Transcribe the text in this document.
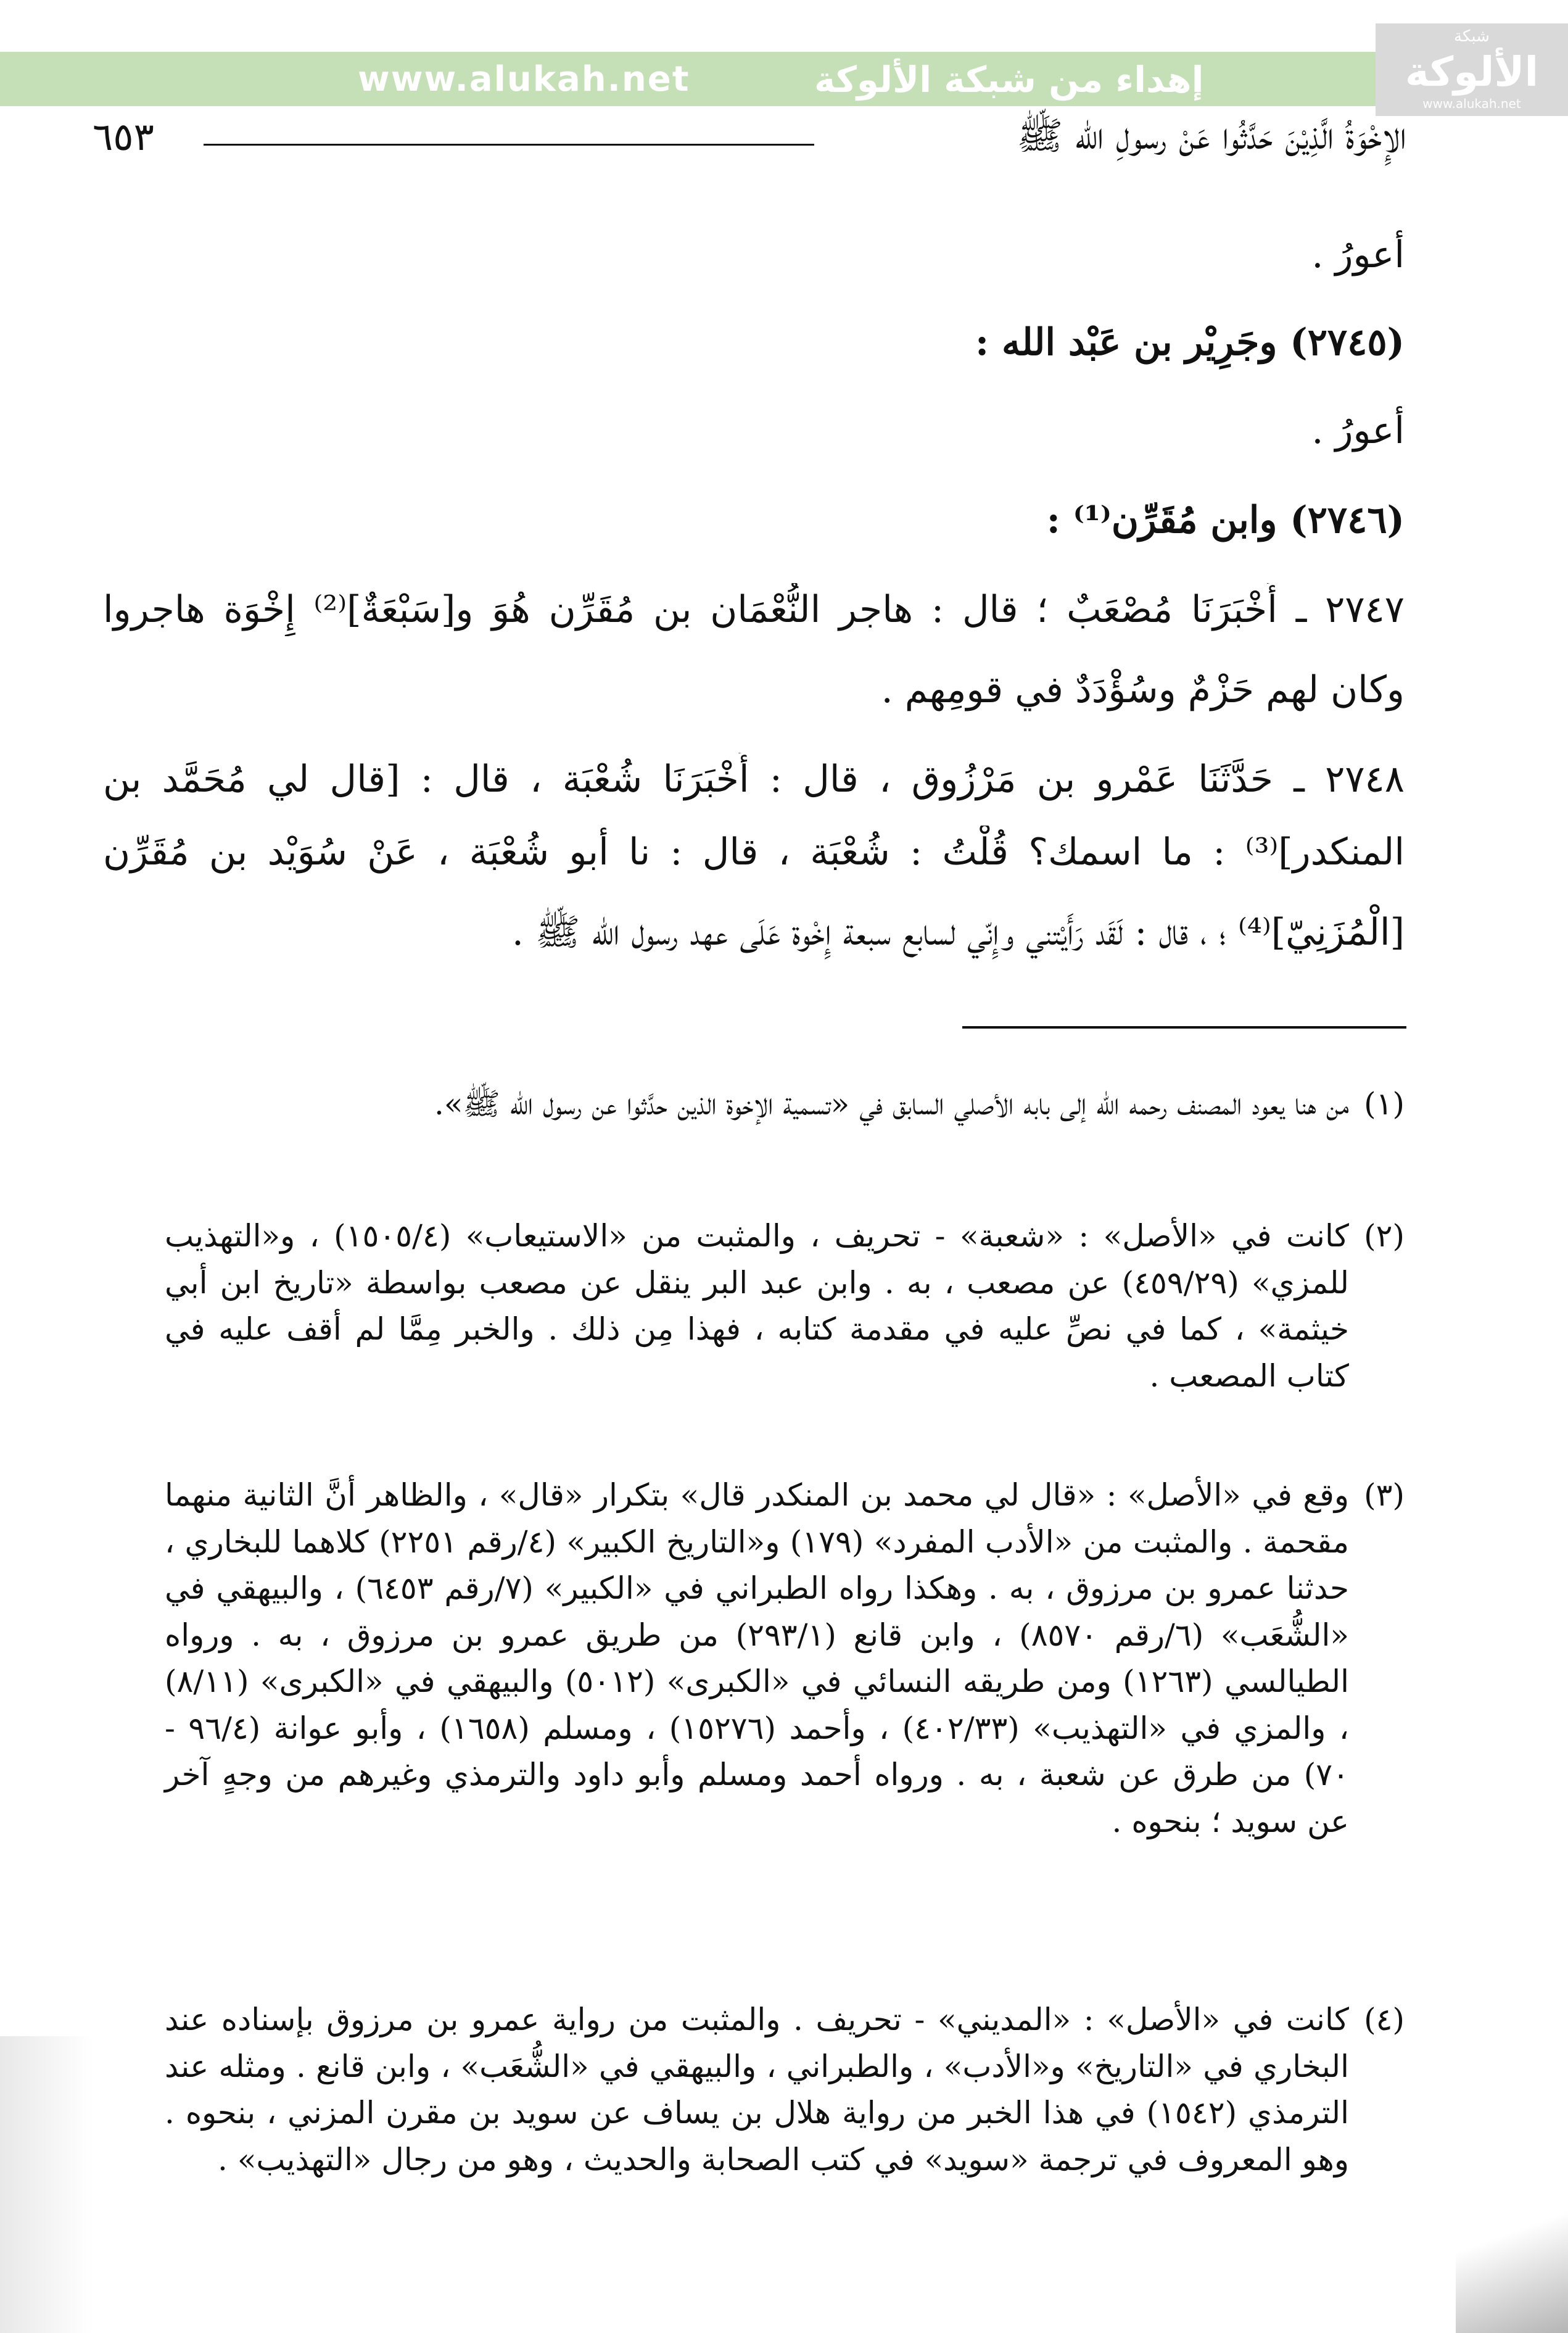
www.alukah.net	إهداء من شبكة الألوكة
شبكة
الألوكة
www.alukah.net
الإِخْوَةُ الَّذِيْنَ حَدَّثُوا عَنْ رسولِ الله ﷺ
٦٥٣
أعورُ .
(٢٧٤٥) وجَرِيْر بن عَبْد الله :
أعورُ .
(٢٧٤٦) وابن مُقَرِّن⁽¹⁾ :
٢٧٤٧ ـ أَخْبَرَنَا مُصْعَبٌ ؛ قال : هاجر النُّعْمَان بن مُقَرِّن هُوَ و[سَبْعَةٌ]⁽²⁾ إِخْوَة هاجروا
وكان لهم حَزْمٌ وسُؤْدَدٌ في قومِهم .
٢٧٤٨ ـ حَدَّثَنَا عَمْرو بن مَرْزُوق ، قال : أَخْبَرَنَا شُعْبَة ، قال : [قال لي مُحَمَّد بن
المنكدر]⁽³⁾ : ما اسمك؟ قُلْتُ : شُعْبَة ، قال : نا أبو شُعْبَة ، عَنْ سُوَيْد بن مُقَرِّن
[الْمُزَنِيّ]⁽⁴⁾ ؛ ، قال : لَقَد رَأَيْتني وإِنّي لسابع سبعة إِخْوة عَلَى عهد رسول الله ﷺ .
(١)
من هنا يعود المصنف رحمه الله إلى بابه الأصلي السابق في «تسمية الإخوة الذين حدَّثوا عن رسول الله ﷺ».
(٢)
كانت في «الأصل» : «شعبة» - تحريف ، والمثبت من «الاستيعاب» (١٥٠٥/٤) ، و«التهذيب للمزي» (٤٥٩/٢٩) عن مصعب ، به . وابن عبد البر ينقل عن مصعب بواسطة «تاريخ ابن أبي خيثمة» ، كما في نصِّ عليه في مقدمة كتابه ، فهذا مِن ذلك . والخبر مِمَّا لم أقف عليه في كتاب المصعب .
(٣)
وقع في «الأصل» : «قال لي محمد بن المنكدر قال» بتكرار «قال» ، والظاهر أنَّ الثانية منهما مقحمة . والمثبت من «الأدب المفرد» (١٧٩) و«التاريخ الكبير» (٤/رقم ٢٢٥١) كلاهما للبخاري ، حدثنا عمرو بن مرزوق ، به . وهكذا رواه الطبراني في «الكبير» (٧/رقم ٦٤٥٣) ، والبيهقي في «الشُّعَب» (٦/رقم ٨٥٧٠) ، وابن قانع (٢٩٣/١) من طريق عمرو بن مرزوق ، به . ورواه الطيالسي (١٢٦٣) ومن طريقه النسائي في «الكبرى» (٥٠١٢) والبيهقي في «الكبرى» (٨/١١) ، والمزي في «التهذيب» (٤٠٢/٣٣) ، وأحمد (١٥٢٧٦) ، ومسلم (١٦٥٨) ، وأبو عوانة (٩٦/٤ - ٧٠) من طرق عن شعبة ، به . ورواه أحمد ومسلم وأبو داود والترمذي وغيرهم من وجهٍ آخر عن سويد ؛ بنحوه .
(٤)
كانت في «الأصل» : «المديني» - تحريف . والمثبت من رواية عمرو بن مرزوق بإسناده عند البخاري في «التاريخ» و«الأدب» ، والطبراني ، والبيهقي في «الشُّعَب» ، وابن قانع . ومثله عند الترمذي (١٥٤٢) في هذا الخبر من رواية هلال بن يساف عن سويد بن مقرن المزني ، بنحوه . وهو المعروف في ترجمة «سويد» في كتب الصحابة والحديث ، وهو من رجال «التهذيب» .
